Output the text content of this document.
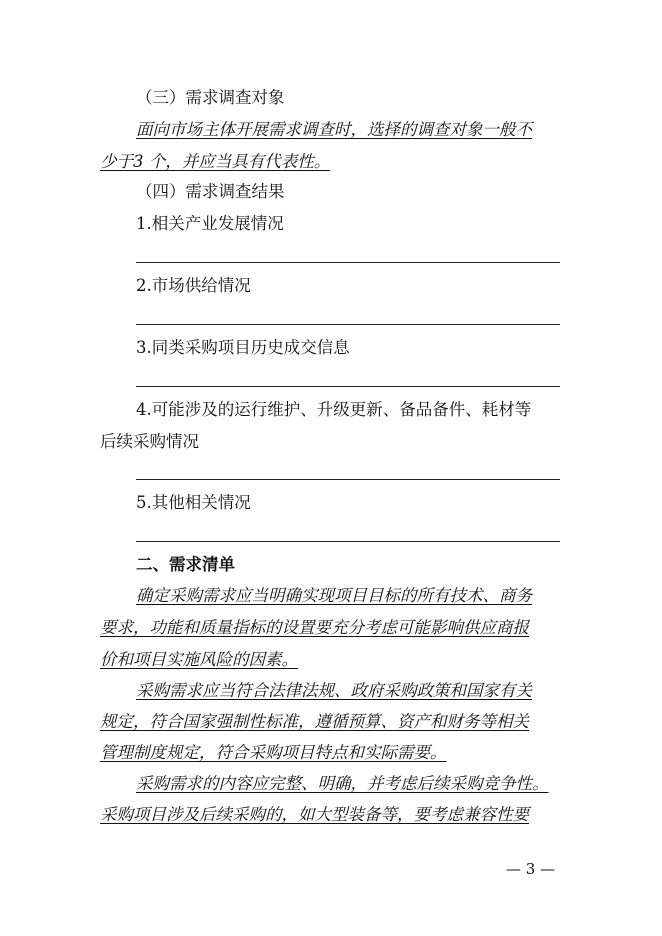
（三）需求调查对象
面向市场主体开展需求调查时，选择的调查对象一般不
少于3 个，并应当具有代表性。
（四）需求调查结果
1.相关产业发展情况
2.市场供给情况
3.同类采购项目历史成交信息
4.可能涉及的运行维护、升级更新、备品备件、耗材等
后续采购情况
5.其他相关情况
二、需求清单
确定采购需求应当明确实现项目目标的所有技术、商务
要求，功能和质量指标的设置要充分考虑可能影响供应商报
价和项目实施风险的因素。
采购需求应当符合法律法规、政府采购政策和国家有关
规定，符合国家强制性标准，遵循预算、资产和财务等相关
管理制度规定，符合采购项目特点和实际需要。
采购需求的内容应完整、明确，并考虑后续采购竞争性。
采购项目涉及后续采购的，如大型装备等，要考虑兼容性要
— 3 —
